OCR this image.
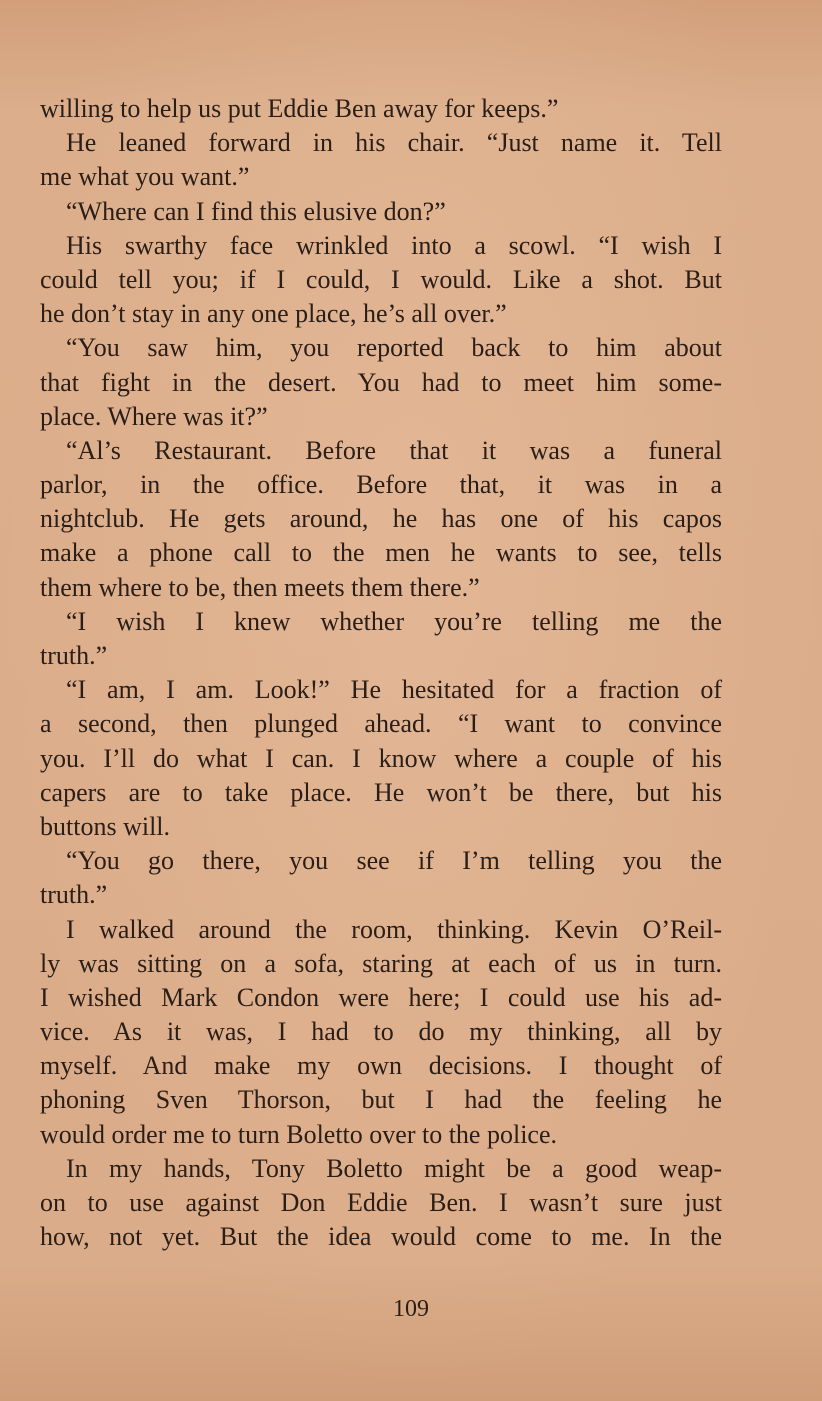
willing to help us put Eddie Ben away for keeps.”
He leaned forward in his chair. “Just name it. Tell
me what you want.”
“Where can I find this elusive don?”
His swarthy face wrinkled into a scowl. “I wish I
could tell you; if I could, I would. Like a shot. But
he don’t stay in any one place, he’s all over.”
“You saw him, you reported back to him about
that fight in the desert. You had to meet him some-
place. Where was it?”
“Al’s Restaurant. Before that it was a funeral
parlor, in the office. Before that, it was in a
nightclub. He gets around, he has one of his capos
make a phone call to the men he wants to see, tells
them where to be, then meets them there.”
“I wish I knew whether you’re telling me the
truth.”
“I am, I am. Look!” He hesitated for a fraction of
a second, then plunged ahead. “I want to convince
you. I’ll do what I can. I know where a couple of his
capers are to take place. He won’t be there, but his
buttons will.
“You go there, you see if I’m telling you the
truth.”
I walked around the room, thinking. Kevin O’Reil-
ly was sitting on a sofa, staring at each of us in turn.
I wished Mark Condon were here; I could use his ad-
vice. As it was, I had to do my thinking, all by
myself. And make my own decisions. I thought of
phoning Sven Thorson, but I had the feeling he
would order me to turn Boletto over to the police.
In my hands, Tony Boletto might be a good weap-
on to use against Don Eddie Ben. I wasn’t sure just
how, not yet. But the idea would come to me. In the
109
